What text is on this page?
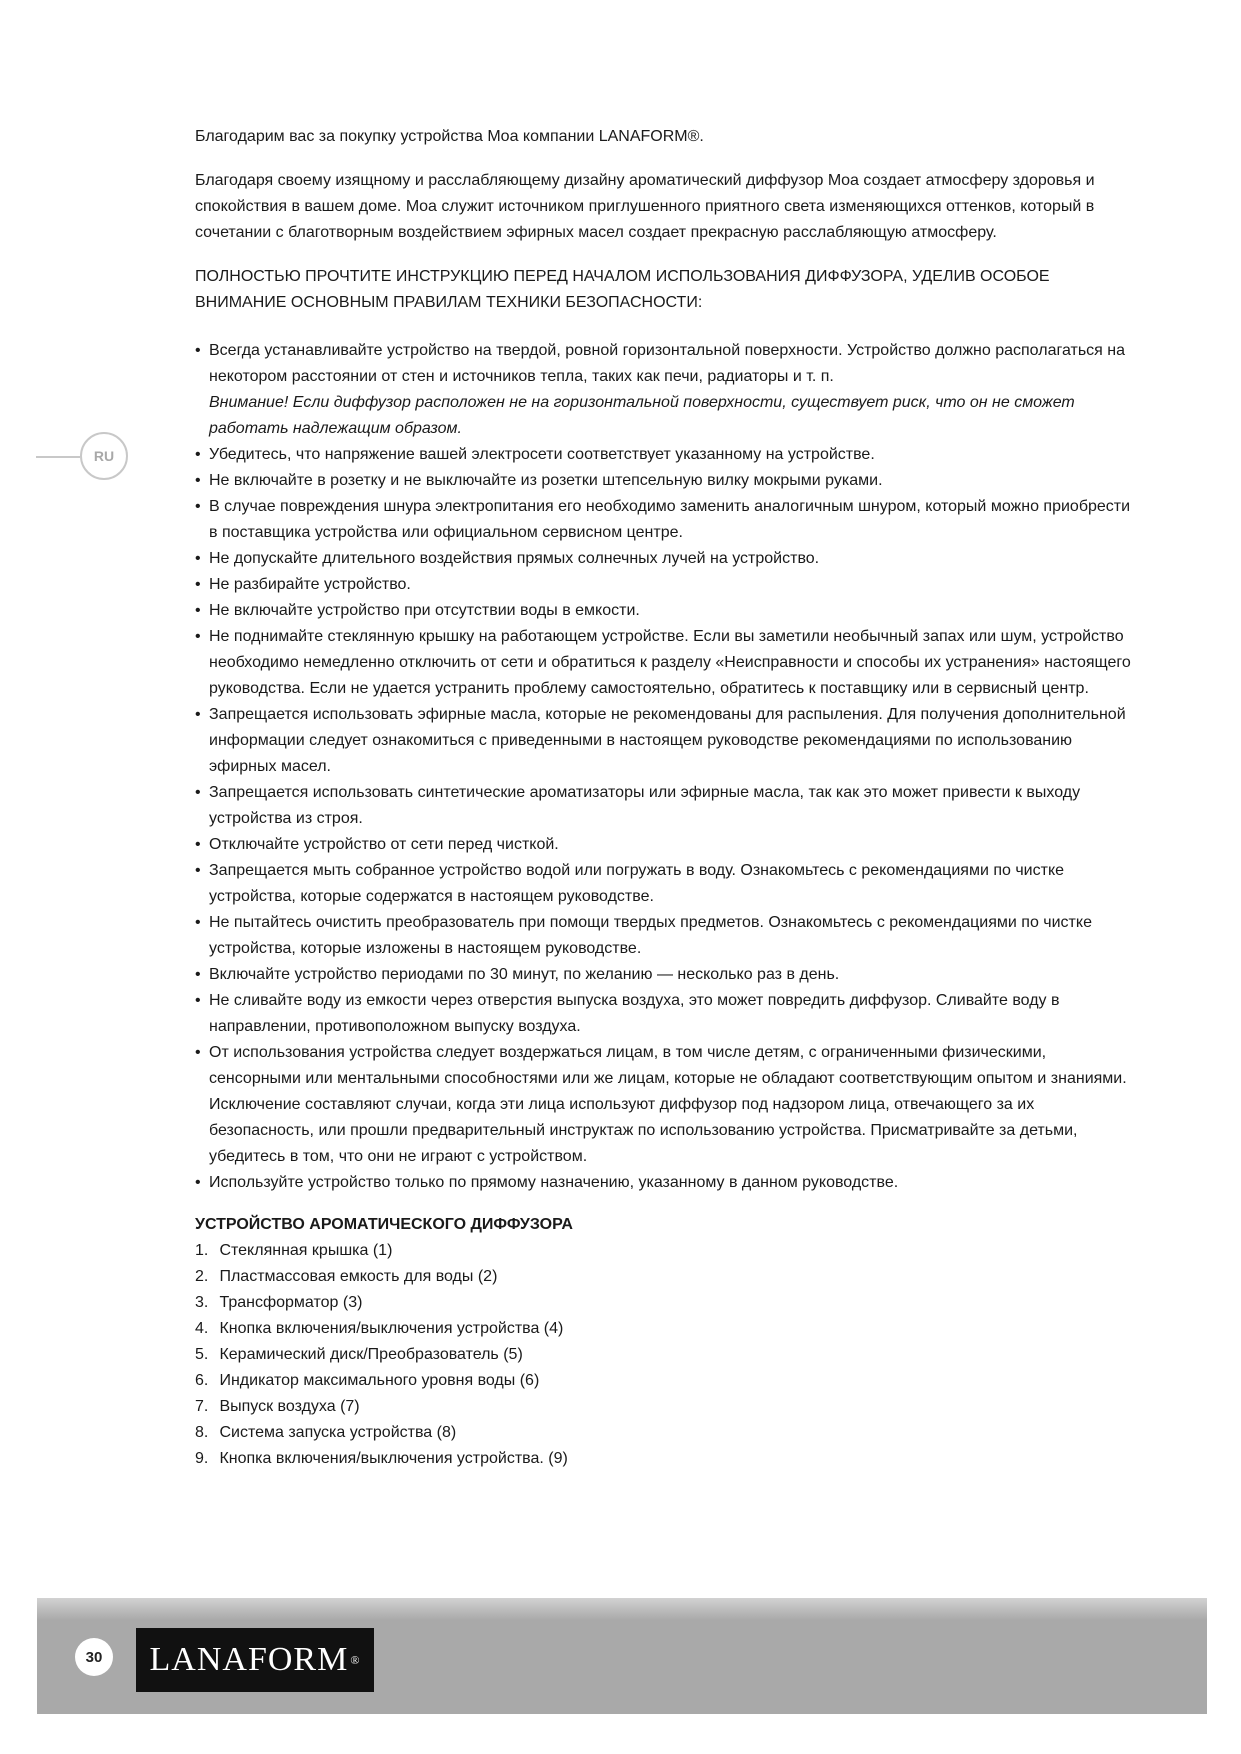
RU

Благодарим вас за покупку устройства Moa компании LANAFORM®.

Благодаря своему изящному и расслабляющему дизайну ароматический диффузор Moa создает атмосферу здоровья и спокойствия в вашем доме. Moa служит источником приглушенного приятного света изменяющихся оттенков, который в сочетании с благотворным воздействием эфирных масел создает прекрасную расслабляющую атмосферу.

ПОЛНОСТЬЮ ПРОЧТИТЕ ИНСТРУКЦИЮ ПЕРЕД НАЧАЛОМ ИСПОЛЬЗОВАНИЯ ДИФФУЗОРА, УДЕЛИВ ОСОБОЕ ВНИМАНИЕ ОСНОВНЫМ ПРАВИЛАМ ТЕХНИКИ БЕЗОПАСНОСТИ:

• Всегда устанавливайте устройство на твердой, ровной горизонтальной поверхности. Устройство должно располагаться на некотором расстоянии от стен и источников тепла, таких как печи, радиаторы и т. п.
Внимание! Если диффузор расположен не на горизонтальной поверхности, существует риск, что он не сможет работать надлежащим образом.
• Убедитесь, что напряжение вашей электросети соответствует указанному на устройстве.
• Не включайте в розетку и не выключайте из розетки штепсельную вилку мокрыми руками.
• В случае повреждения шнура электропитания его необходимо заменить аналогичным шнуром, который можно приобрести в поставщика устройства или официальном сервисном центре.
• Не допускайте длительного воздействия прямых солнечных лучей на устройство.
• Не разбирайте устройство.
• Не включайте устройство при отсутствии воды в емкости.
• Не поднимайте стеклянную крышку на работающем устройстве. Если вы заметили необычный запах или шум, устройство необходимо немедленно отключить от сети и обратиться к разделу «Неисправности и способы их устранения» настоящего руководства. Если не удается устранить проблему самостоятельно, обратитесь к поставщику или в сервисный центр.
• Запрещается использовать эфирные масла, которые не рекомендованы для распыления. Для получения дополнительной информации следует ознакомиться с приведенными в настоящем руководстве рекомендациями по использованию эфирных масел.
• Запрещается использовать синтетические ароматизаторы или эфирные масла, так как это может привести к выходу устройства из строя.
• Отключайте устройство от сети перед чисткой.
• Запрещается мыть собранное устройство водой или погружать в воду. Ознакомьтесь с рекомендациями по чистке устройства, которые содержатся в настоящем руководстве.
• Не пытайтесь очистить преобразователь при помощи твердых предметов. Ознакомьтесь с рекомендациями по чистке устройства, которые изложены в настоящем руководстве.
• Включайте устройство периодами по 30 минут, по желанию — несколько раз в день.
• Не сливайте воду из емкости через отверстия выпуска воздуха, это может повредить диффузор. Сливайте воду в направлении, противоположном выпуску воздуха.
• От использования устройства следует воздержаться лицам, в том числе детям, с ограниченными физическими, сенсорными или ментальными способностями или же лицам, которые не обладают соответствующим опытом и знаниями. Исключение составляют случаи, когда эти лица используют диффузор под надзором лица, отвечающего за их безопасность, или прошли предварительный инструктаж по использованию устройства. Присматривайте за детьми, убедитесь в том, что они не играют с устройством.
• Используйте устройство только по прямому назначению, указанному в данном руководстве.

УСТРОЙСТВО АРОМАТИЧЕСКОГО ДИФФУЗОРА

1. Стеклянная крышка (1)
2. Пластмассовая емкость для воды (2)
3. Трансформатор (3)
4. Кнопка включения/выключения устройства (4)
5. Керамический диск/Преобразователь (5)
6. Индикатор максимального уровня воды (6)
7. Выпуск воздуха (7)
8. Система запуска устройства (8)
9. Кнопка включения/выключения устройства. (9)
30	LANAFORM ®
